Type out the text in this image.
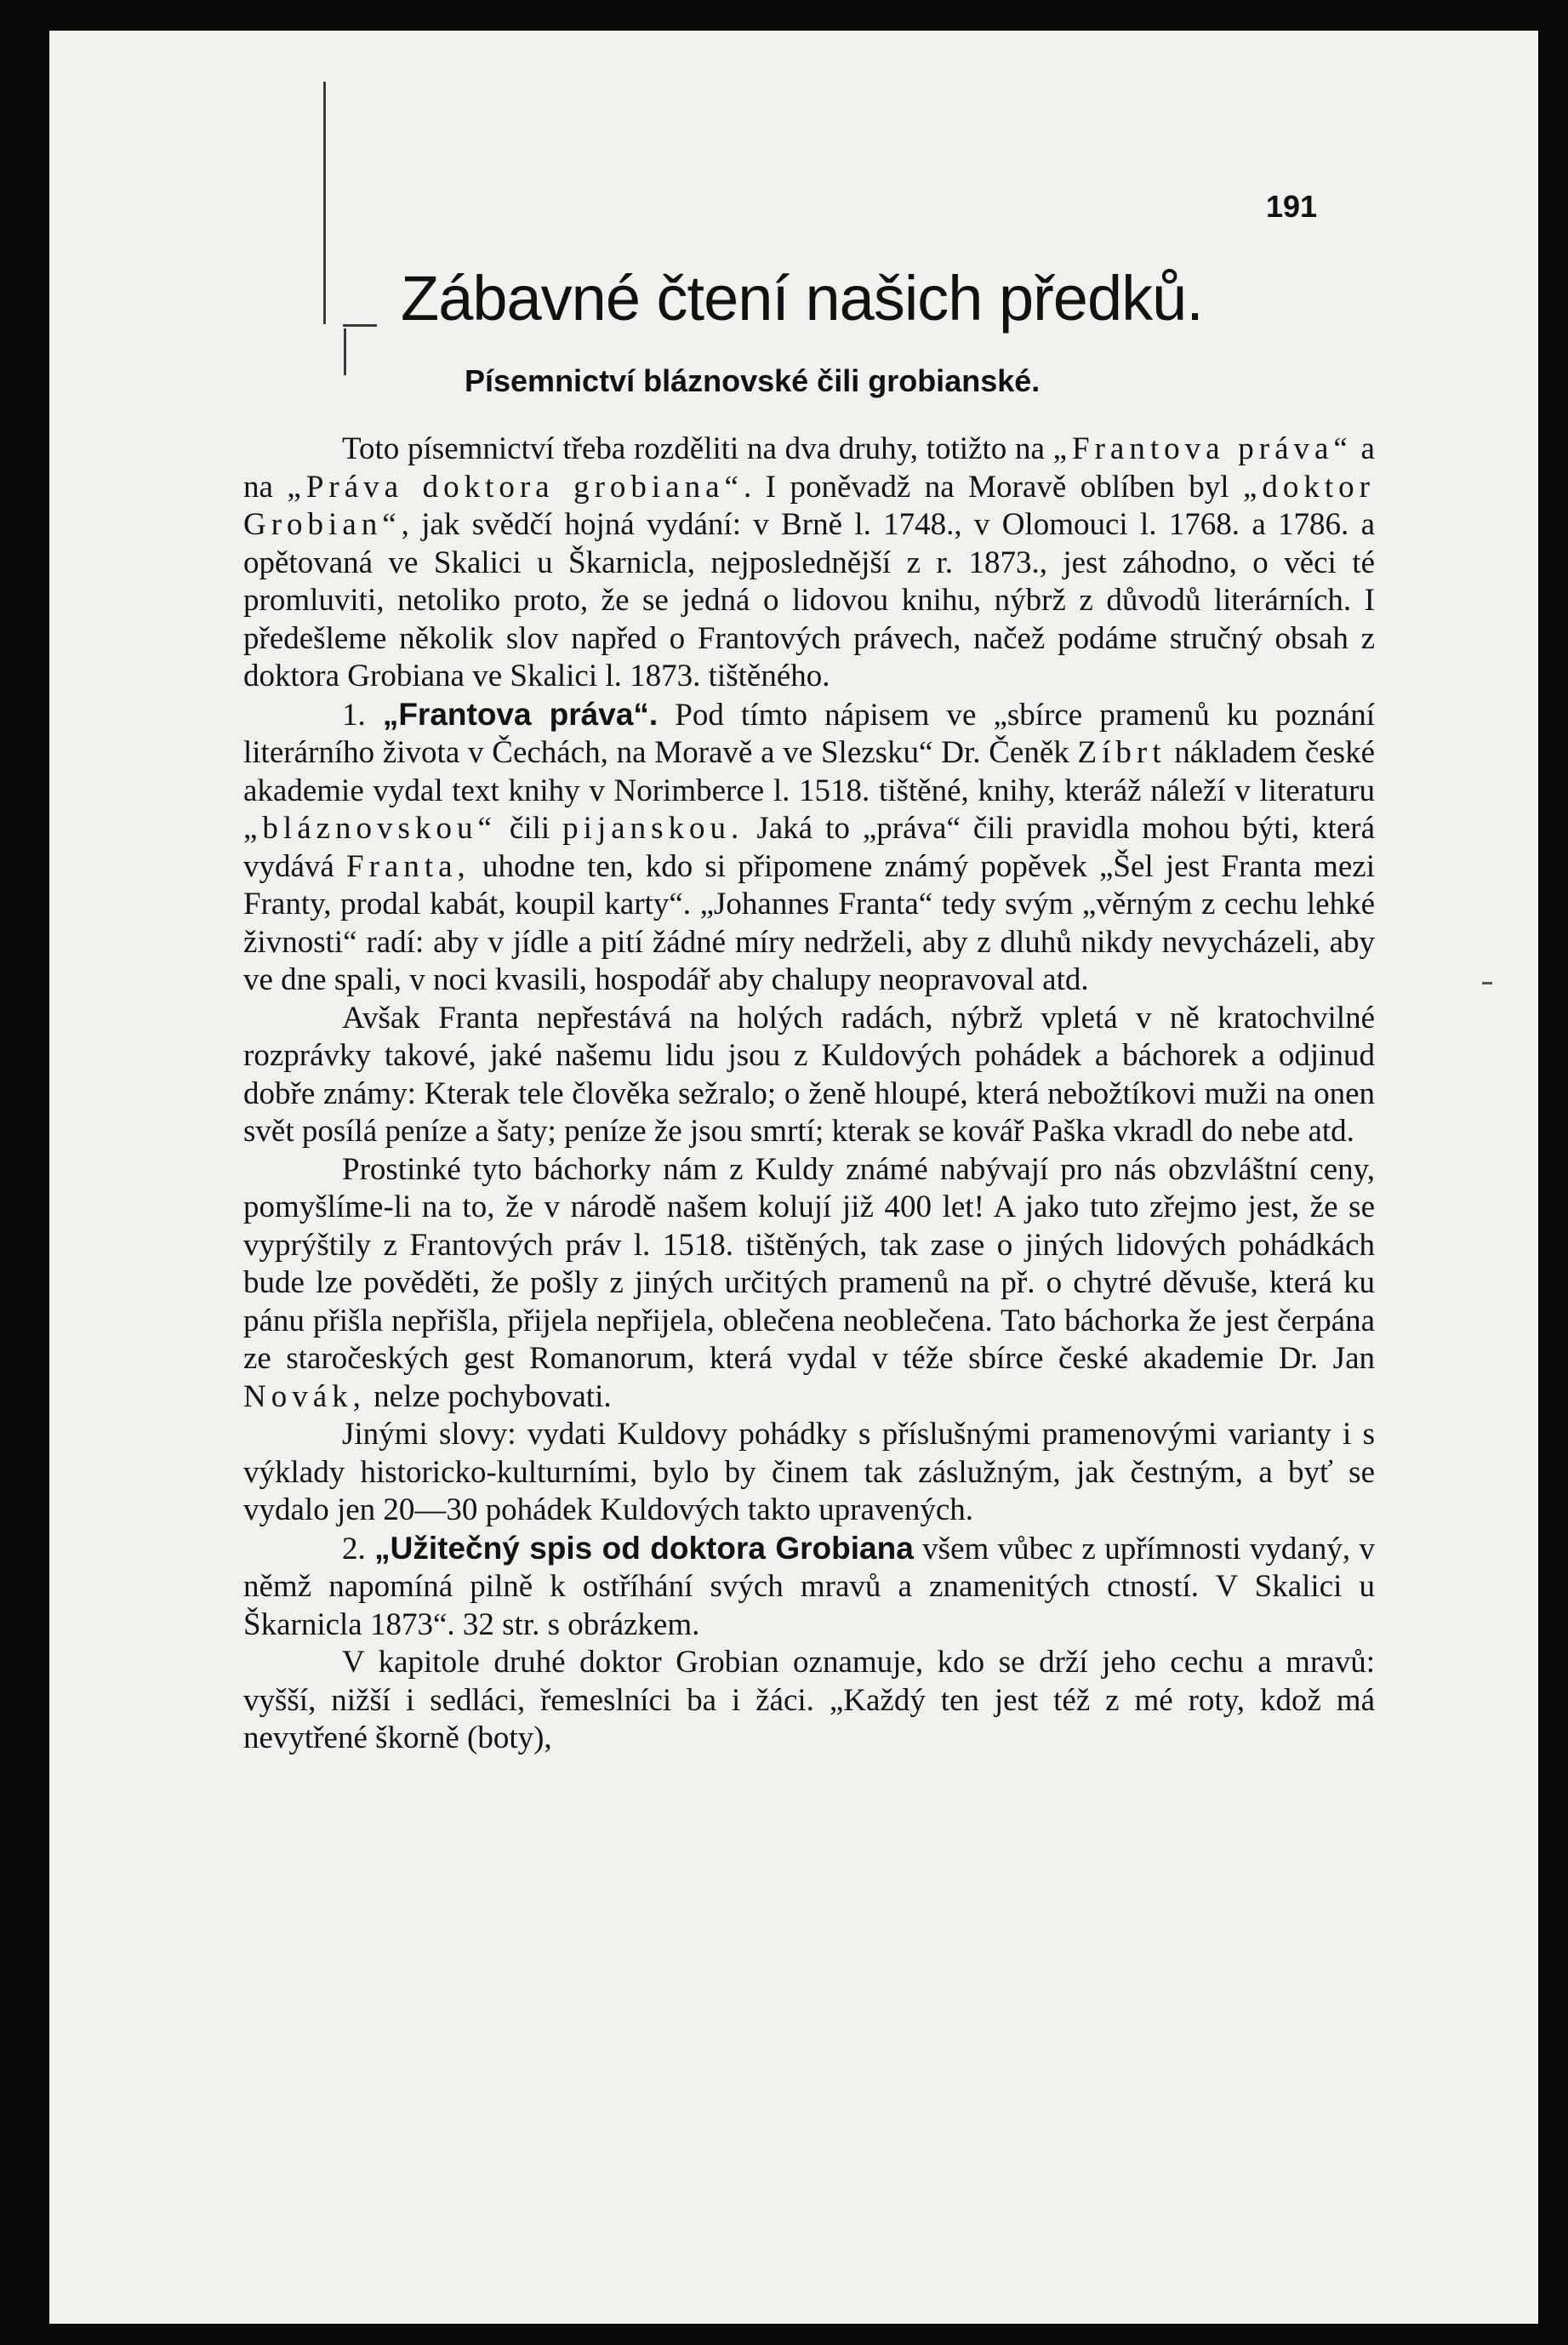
191
Zábavné čtení našich předků.
Písemnictví bláznovské čili grobianské.

Toto písemnictví třeba rozděliti na dva druhy, totižto na „Frantova práva“ a na „Práva doktora grobiana“. I poněvadž na Moravě oblíben byl „doktor Grobian“, jak svědčí hojná vydání: v Brně l. 1748., v Olomouci l. 1768. a 1786. a opětovaná ve Skalici u Škarnicla, nejposlednější z r. 1873., jest záhodno, o věci té promluviti, netoliko proto, že se jedná o lidovou knihu, nýbrž z důvodů literárních. I předešleme několik slov napřed o Frantových právech, načež podáme stručný obsah z doktora Grobiana ve Skalici l. 1873. tištěného.

1. „Frantova práva“. Pod tímto nápisem ve „sbírce pramenů ku poznání literárního života v Čechách, na Moravě a ve Slezsku“ Dr. Čeněk Zíbrt nákladem české akademie vydal text knihy v Norimberce l. 1518. tištěné, knihy, kteráž náleží v literaturu „bláznovskou“ čili pijanskou. Jaká to „práva“ čili pravidla mohou býti, která vydává Franta, uhodne ten, kdo si připomene známý popěvek „Šel jest Franta mezi Franty, prodal kabát, koupil karty“. „Johannes Franta“ tedy svým „věrným z cechu lehké živnosti“ radí: aby v jídle a pití žádné míry nedrželi, aby z dluhů nikdy nevycházeli, aby ve dne spali, v noci kvasili, hospodář aby chalupy neopravoval atd.

Avšak Franta nepřestává na holých radách, nýbrž vpletá v ně kratochvilné rozprávky takové, jaké našemu lidu jsou z Kuldových pohádek a báchorek a odjinud dobře známy: Kterak tele člověka sežralo; o ženě hloupé, která nebožtíkovi muži na onen svět posílá peníze a šaty; peníze že jsou smrtí; kterak se kovář Paška vkradl do nebe atd.

Prostinké tyto báchorky nám z Kuldy známé nabývají pro nás obzvláštní ceny, pomyšlíme-li na to, že v národě našem kolují již 400 let! A jako tuto zřejmo jest, že se vyprýštily z Frantových práv l. 1518. tištěných, tak zase o jiných lidových pohádkách bude lze pověděti, že pošly z jiných určitých pramenů na př. o chytré děvuše, která ku pánu přišla nepřišla, přijela nepřijela, oblečena neoblečena. Tato báchorka že jest čerpána ze staročeských gest Romanorum, která vydal v téže sbírce české akademie Dr. Jan Novák, nelze pochybovati.

Jinými slovy: vydati Kuldovy pohádky s příslušnými pramenovými varianty i s výklady historicko-kulturními, bylo by činem tak záslužným, jak čestným, a byť se vydalo jen 20—30 pohádek Kuldových takto upravených.

2. „Užitečný spis od doktora Grobiana všem vůbec z upřímnosti vydaný, v němž napomíná pilně k ostříhání svých mravů a znamenitých ctností. V Skalici u Škarnicla 1873“. 32 str. s obrázkem.

V kapitole druhé doktor Grobian oznamuje, kdo se drží jeho cechu a mravů: vyšší, nižší i sedláci, řemeslníci ba i žáci. „Každý ten jest též z mé roty, kdož má nevytřené škorně (boty),
